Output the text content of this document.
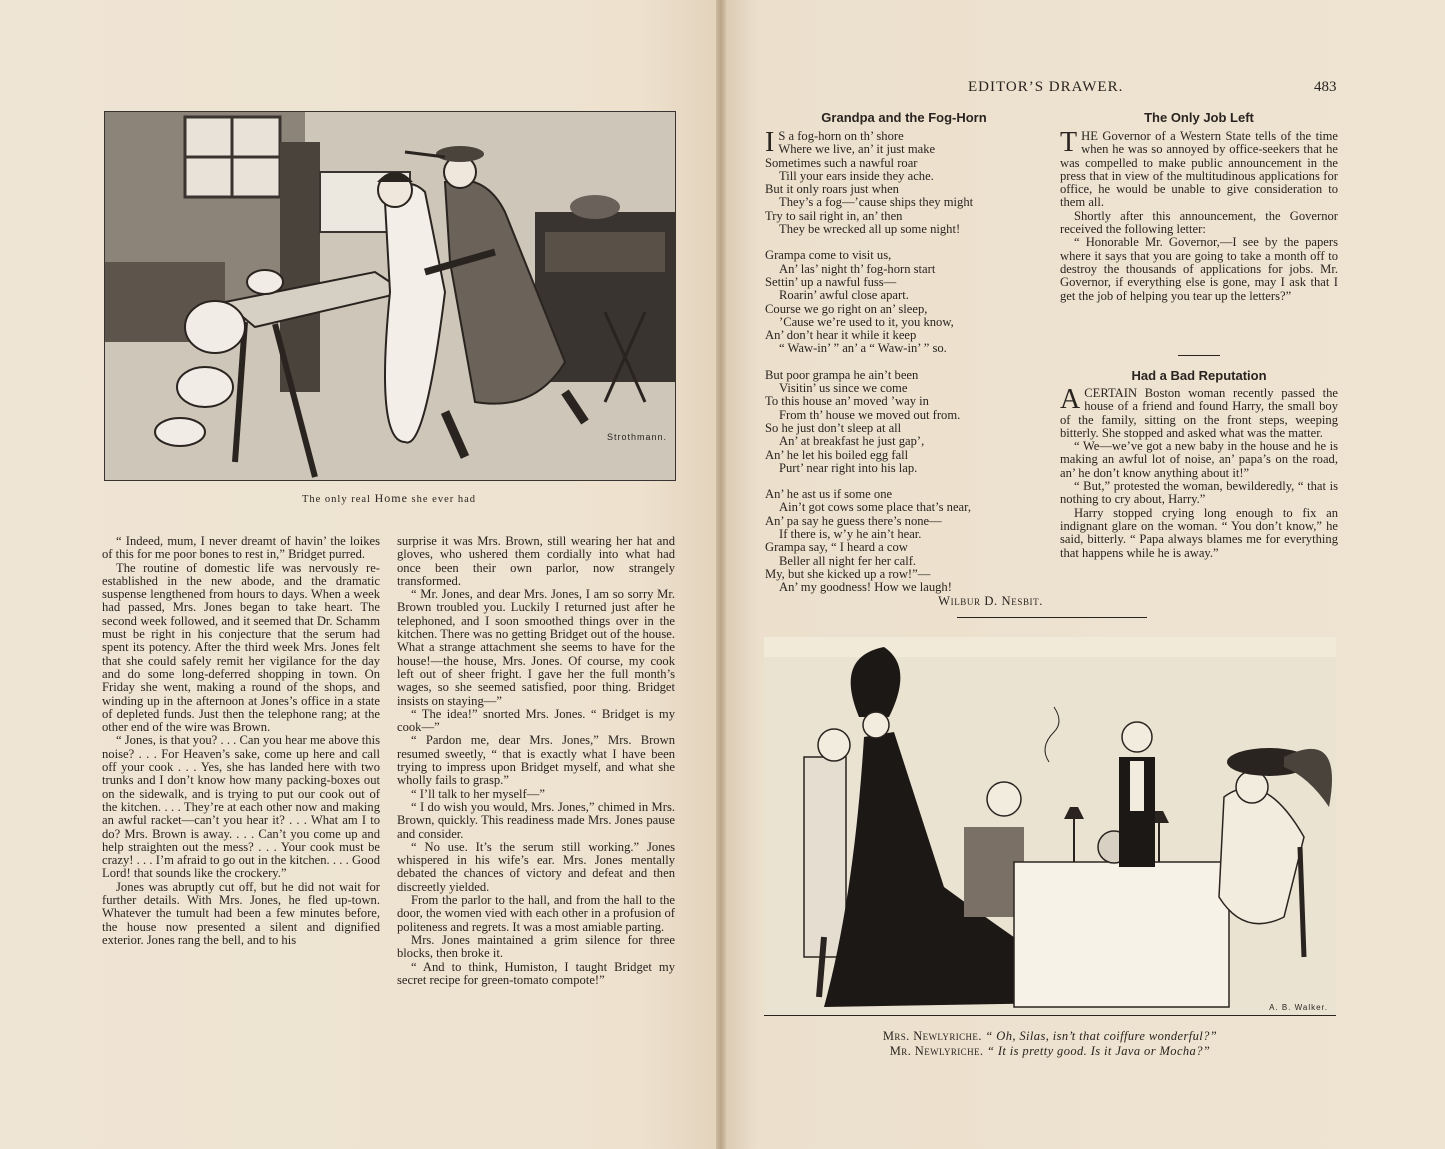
Strothmann.
The only real Home she ever had

“ Indeed, mum, I never dreamt of havin’ the loikes of this for me poor bones to rest in,” Bridget purred.

The routine of domestic life was nervously re-established in the new abode, and the dramatic suspense lengthened from hours to days. When a week had passed, Mrs. Jones began to take heart. The second week followed, and it seemed that Dr. Schamm must be right in his conjecture that the serum had spent its potency. After the third week Mrs. Jones felt that she could safely remit her vigilance for the day and do some long-deferred shopping in town. On Friday she went, making a round of the shops, and winding up in the afternoon at Jones’s office in a state of depleted funds. Just then the telephone rang; at the other end of the wire was Brown.

“ Jones, is that you? . . . Can you hear me above this noise? . . . For Heaven’s sake, come up here and call off your cook . . . Yes, she has landed here with two trunks and I don’t know how many packing-boxes out on the sidewalk, and is trying to put our cook out of the kitchen. . . . They’re at each other now and making an awful racket—can’t you hear it? . . . What am I to do? Mrs. Brown is away. . . . Can’t you come up and help straighten out the mess? . . . Your cook must be crazy! . . . I’m afraid to go out in the kitchen. . . . Good Lord! that sounds like the crockery.”

Jones was abruptly cut off, but he did not wait for further details. With Mrs. Jones, he fled up-town. Whatever the tumult had been a few minutes before, the house now presented a silent and dignified exterior. Jones rang the bell, and to his

surprise it was Mrs. Brown, still wearing her hat and gloves, who ushered them cordially into what had once been their own parlor, now strangely transformed.

“ Mr. Jones, and dear Mrs. Jones, I am so sorry Mr. Brown troubled you. Luckily I returned just after he telephoned, and I soon smoothed things over in the kitchen. There was no getting Bridget out of the house. What a strange attachment she seems to have for the house!—the house, Mrs. Jones. Of course, my cook left out of sheer fright. I gave her the full month’s wages, so she seemed satisfied, poor thing. Bridget insists on staying—”

“ The idea!” snorted Mrs. Jones. “ Bridget is my cook—”

“ Pardon me, dear Mrs. Jones,” Mrs. Brown resumed sweetly, “ that is exactly what I have been trying to impress upon Bridget myself, and what she wholly fails to grasp.”

“ I’ll talk to her myself—”

“ I do wish you would, Mrs. Jones,” chimed in Mrs. Brown, quickly. This readiness made Mrs. Jones pause and consider.

“ No use. It’s the serum still working.” Jones whispered in his wife’s ear. Mrs. Jones mentally debated the chances of victory and defeat and then discreetly yielded.

From the parlor to the hall, and from the hall to the door, the women vied with each other in a profusion of politeness and regrets. It was a most amiable parting.

Mrs. Jones maintained a grim silence for three blocks, then broke it.

“ And to think, Humiston, I taught Bridget my secret recipe for green-tomato compote!”

EDITOR’S DRAWER.	483
Grandpa and the Fog-Horn
I S a fog-horn on th’ shore
Where we live, an’ it just make
Sometimes such a nawful roar
Till your ears inside they ache.
But it only roars just when
They’s a fog—’cause ships they might
Try to sail right in, an’ then
They be wrecked all up some night!
Grampa come to visit us,
An’ las’ night th’ fog-horn start
Settin’ up a nawful fuss—
Roarin’ awful close apart.
Course we go right on an’ sleep,
’Cause we’re used to it, you know,
An’ don’t hear it while it keep
“ Waw-in’ ” an’ a “ Waw-in’ ” so.
But poor grampa he ain’t been
Visitin’ us since we come
To this house an’ moved ’way in
From th’ house we moved out from.
So he just don’t sleep at all
An’ at breakfast he just gap’,
An’ he let his boiled egg fall
Purt’ near right into his lap.
An’ he ast us if some one
Ain’t got cows some place that’s near,
An’ pa say he guess there’s none—
If there is, w’y he ain’t hear.
Grampa say, “ I heard a cow
Beller all night fer her calf.
My, but she kicked up a row!”—
An’ my goodness! How we laugh!
Wilbur D. Nesbit.
The Only Job Left

THE Governor of a Western State tells of the time when he was so annoyed by office-seekers that he was compelled to make public announcement in the press that in view of the multitudinous applications for office, he would be unable to give consideration to them all.

Shortly after this announcement, the Governor received the following letter:

“ Honorable Mr. Governor,—I see by the papers where it says that you are going to take a month off to destroy the thousands of applications for jobs. Mr. Governor, if everything else is gone, may I ask that I get the job of helping you tear up the letters?”

Had a Bad Reputation

ACERTAIN Boston woman recently passed the house of a friend and found Harry, the small boy of the family, sitting on the front steps, weeping bitterly. She stopped and asked what was the matter.

“ We—we’ve got a new baby in the house and he is making an awful lot of noise, an’ papa’s on the road, an’ he don’t know anything about it!”

“ But,” protested the woman, bewilderedly, “ that is nothing to cry about, Harry.”

Harry stopped crying long enough to fix an indignant glare on the woman. “ You don’t know,” he said, bitterly. “ Papa always blames me for everything that happens while he is away.”

A. B. Walker.
Mrs. Newlyriche. “ Oh, Silas, isn’t that coiffure wonderful?”
Mr. Newlyriche. “ It is pretty good. Is it Java or Mocha?”
